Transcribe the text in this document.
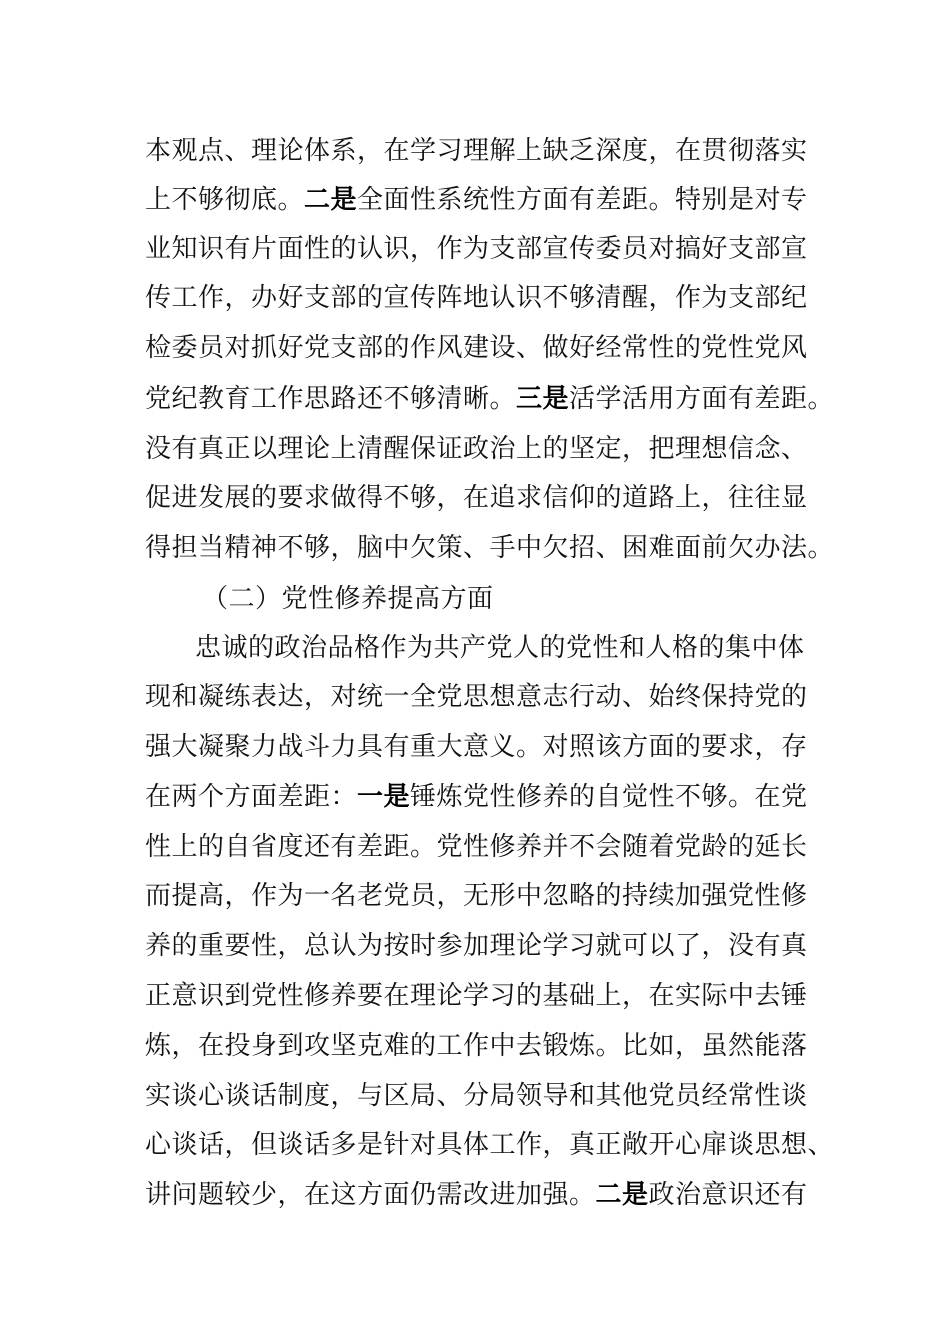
本观点、理论体系，在学习理解上缺乏深度，在贯彻落实
上不够彻底。二是全面性系统性方面有差距。特别是对专
业知识有片面性的认识，作为支部宣传委员对搞好支部宣
传工作，办好支部的宣传阵地认识不够清醒，作为支部纪
检委员对抓好党支部的作风建设、做好经常性的党性党风
党纪教育工作思路还不够清晰。三是活学活用方面有差距。
没有真正以理论上清醒保证政治上的坚定，把理想信念、
促进发展的要求做得不够，在追求信仰的道路上，往往显
得担当精神不够，脑中欠策、手中欠招、困难面前欠办法。
（二）党性修养提高方面
忠诚的政治品格作为共产党人的党性和人格的集中体
现和凝练表达，对统一全党思想意志行动、始终保持党的
强大凝聚力战斗力具有重大意义。对照该方面的要求，存
在两个方面差距：一是锤炼党性修养的自觉性不够。在党
性上的自省度还有差距。党性修养并不会随着党龄的延长
而提高，作为一名老党员，无形中忽略的持续加强党性修
养的重要性，总认为按时参加理论学习就可以了，没有真
正意识到党性修养要在理论学习的基础上，在实际中去锤
炼，在投身到攻坚克难的工作中去锻炼。比如，虽然能落
实谈心谈话制度，与区局、分局领导和其他党员经常性谈
心谈话，但谈话多是针对具体工作，真正敞开心扉谈思想、
讲问题较少，在这方面仍需改进加强。二是政治意识还有
